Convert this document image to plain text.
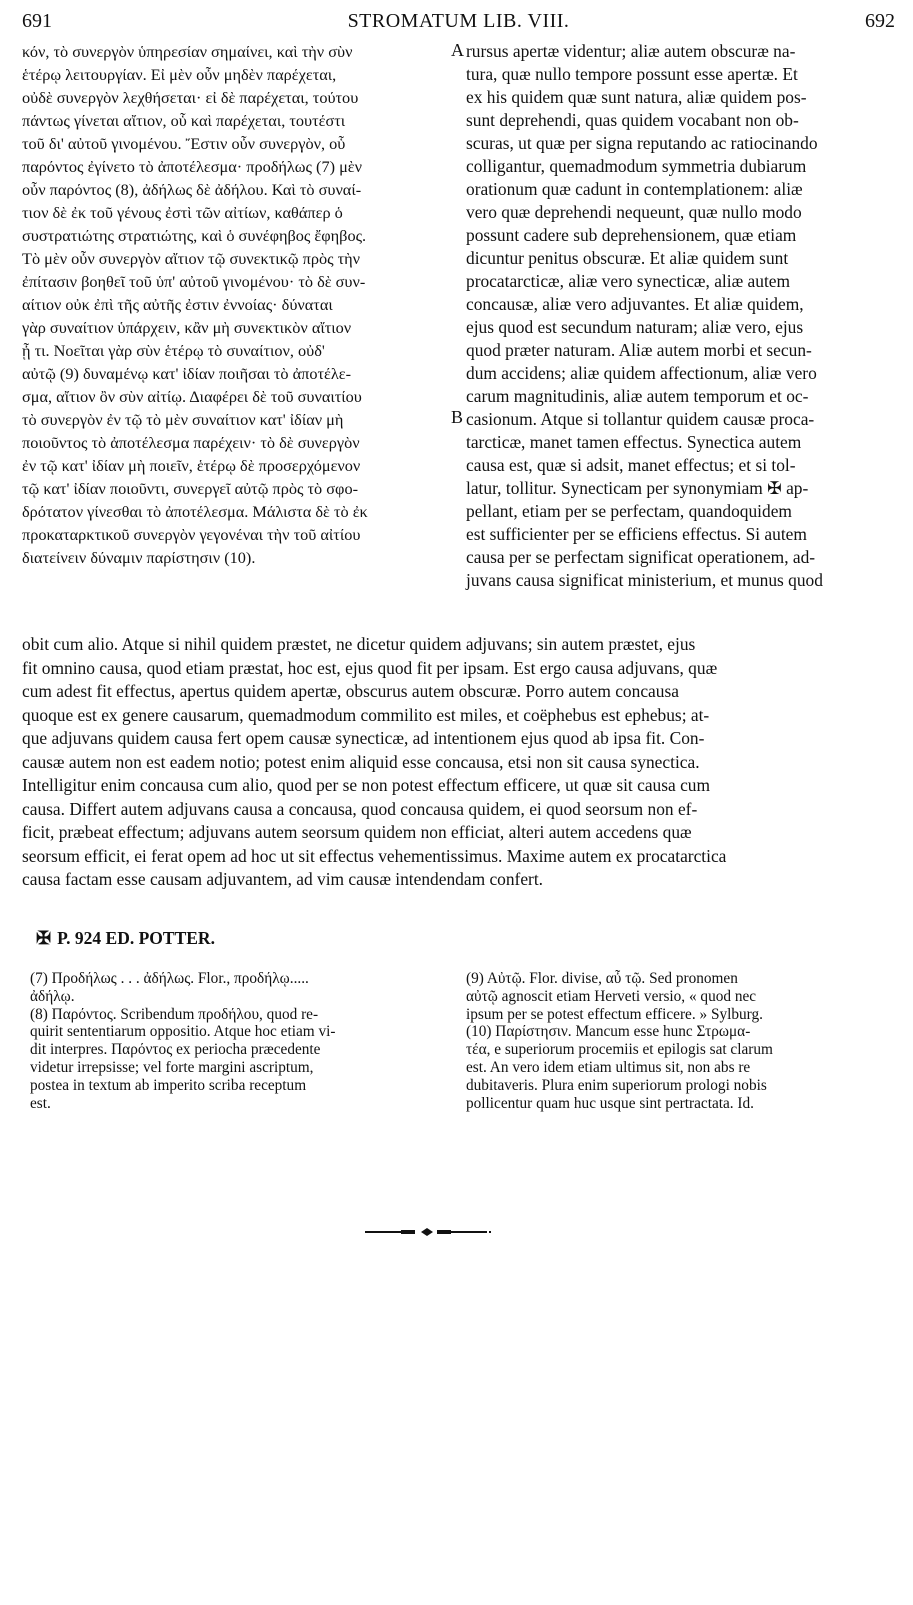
691	STROMATUM LIB. VIII.	692
κόν, τὸ συνεργὸν ὑπηρεσίαν σημαίνει, καὶ τὴν σὺν
ἑτέρῳ λειτουργίαν. Εἰ μὲν οὖν μηδὲν παρέχεται,
οὐδὲ συνεργὸν λεχθήσεται· εἰ δὲ παρέχεται, τούτου
πάντως γίνεται αἴτιον, οὗ καὶ παρέχεται, τουτέστι
τοῦ δι' αὐτοῦ γινομένου. Ἔστιν οὖν συνεργὸν, οὗ
παρόντος ἐγίνετο τὸ ἀποτέλεσμα· προδήλως (7) μὲν
οὖν παρόντος (8), ἀδήλως δὲ ἀδήλου. Καὶ τὸ συναί-
τιον δὲ ἐκ τοῦ γένους ἐστὶ τῶν αἰτίων, καθάπερ ὁ
συστρατιώτης στρατιώτης, καὶ ὁ συνέφηβος ἔφηβος.
Τὸ μὲν οὖν συνεργὸν αἴτιον τῷ συνεκτικῷ πρὸς τὴν
ἐπίτασιν βοηθεῖ τοῦ ὑπ' αὐτοῦ γινομένου· τὸ δὲ συν-
αίτιον οὐκ ἐπὶ τῆς αὐτῆς ἐστιν ἐννοίας· δύναται
γὰρ συναίτιον ὑπάρχειν, κἂν μὴ συνεκτικὸν αἴτιον
ᾖ τι. Νοεῖται γὰρ σὺν ἑτέρῳ τὸ συναίτιον, οὐδ'
αὐτῷ (9) δυναμένῳ κατ' ἰδίαν ποιῆσαι τὸ ἀποτέλε-
σμα, αἴτιον ὂν σὺν αἰτίῳ. Διαφέρει δὲ τοῦ συναιτίου
τὸ συνεργὸν ἐν τῷ τὸ μὲν συναίτιον κατ' ἰδίαν μὴ
ποιοῦντος τὸ ἀποτέλεσμα παρέχειν· τὸ δὲ συνεργὸν
ἐν τῷ κατ' ἰδίαν μὴ ποιεῖν, ἑτέρῳ δὲ προσερχόμενον
τῷ κατ' ἰδίαν ποιοῦντι, συνεργεῖ αὐτῷ πρὸς τὸ σφο-
δρότατον γίνεσθαι τὸ ἀποτέλεσμα. Μάλιστα δὲ τὸ ἐκ
προκαταρκτικοῦ συνεργὸν γεγονέναι τὴν τοῦ αἰτίου
διατείνειν δύναμιν παρίστησιν (10).
A
B
rursus apertæ videntur; aliæ autem obscuræ na-
tura, quæ nullo tempore possunt esse apertæ. Et
ex his quidem quæ sunt natura, aliæ quidem pos-
sunt deprehendi, quas quidem vocabant non ob-
scuras, ut quæ per signa reputando ac ratiocinando
colligantur, quemadmodum symmetria dubiarum
orationum quæ cadunt in contemplationem: aliæ
vero quæ deprehendi nequeunt, quæ nullo modo
possunt cadere sub deprehensionem, quæ etiam
dicuntur penitus obscuræ. Et aliæ quidem sunt
procatarcticæ, aliæ vero synecticæ, aliæ autem
concausæ, aliæ vero adjuvantes. Et aliæ quidem,
ejus quod est secundum naturam; aliæ vero, ejus
quod præter naturam. Aliæ autem morbi et secun-
dum accidens; aliæ quidem affectionum, aliæ vero
carum magnitudinis, aliæ autem temporum et oc-
casionum. Atque si tollantur quidem causæ proca-
tarcticæ, manet tamen effectus. Synectica autem
causa est, quæ si adsit, manet effectus; et si tol-
latur, tollitur. Synecticam per synonymiam ✠ ap-
pellant, etiam per se perfectam, quandoquidem
est sufficienter per se efficiens effectus. Si autem
causa per se perfectam significat operationem, ad-
juvans causa significat ministerium, et munus quod
obit cum alio. Atque si nihil quidem præstet, ne dicetur quidem adjuvans; sin autem præstet, ejus
fit omnino causa, quod etiam præstat, hoc est, ejus quod fit per ipsam. Est ergo causa adjuvans, quæ
cum adest fit effectus, apertus quidem apertæ, obscurus autem obscuræ. Porro autem concausa
quoque est ex genere causarum, quemadmodum commilito est miles, et coëphebus est ephebus; at-
que adjuvans quidem causa fert opem causæ synecticæ, ad intentionem ejus quod ab ipsa fit. Con-
causæ autem non est eadem notio; potest enim aliquid esse concausa, etsi non sit causa synectica.
Intelligitur enim concausa cum alio, quod per se non potest effectum efficere, ut quæ sit causa cum
causa. Differt autem adjuvans causa a concausa, quod concausa quidem, ei quod seorsum non ef-
ficit, præbeat effectum; adjuvans autem seorsum quidem non efficiat, alteri autem accedens quæ
seorsum efficit, ei ferat opem ad hoc ut sit effectus vehementissimus. Maxime autem ex procatarctica
causa factam esse causam adjuvantem, ad vim causæ intendendam confert.
✠ P. 924 ED. POTTER.
(7) Προδήλως . . . ἀδήλως. Flor., προδήλῳ.....
ἀδήλῳ.
(8) Παρόντος. Scribendum προδήλου, quod re-
quirit sententiarum oppositio. Atque hoc etiam vi-
dit interpres. Παρόντος ex periocha præcedente
videtur irrepsisse; vel forte margini ascriptum,
postea in textum ab imperito scriba receptum
est.
(9) Αὐτῷ. Flor. divise, αὖ τῷ. Sed pronomen
αὐτῷ agnoscit etiam Herveti versio, « quod nec
ipsum per se potest effectum efficere. » Sylburg.
(10) Παρίστησιν. Mancum esse hunc Στρωμα-
τέα, e superiorum procemiis et epilogis sat clarum
est. An vero idem etiam ultimus sit, non abs re
dubitaveris. Plura enim superiorum prologi nobis
pollicentur quam huc usque sint pertractata. Id.
